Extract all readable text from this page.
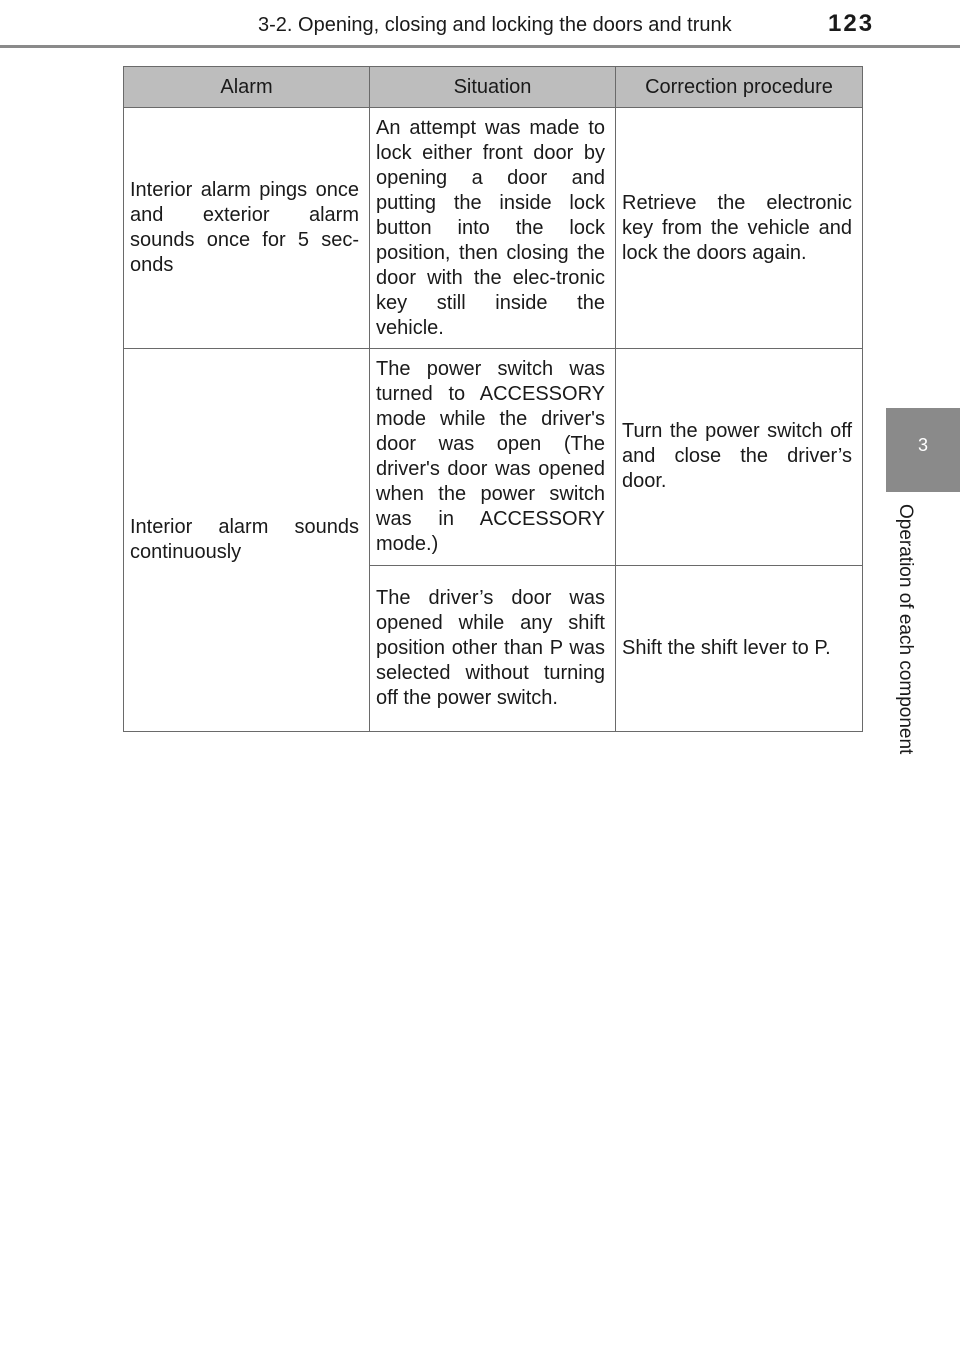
3-2. Opening, closing and locking the doors and trunk	123
3
Operation of each component
Alarm	Situation	Correction procedure
Interior alarm pings once and exterior alarm sounds once for 5 sec-onds	An attempt was made to lock either front door by opening a door and putting the inside lock button into the lock position, then closing the door with the elec-tronic key still inside the vehicle.	Retrieve the electronic key from the vehicle and lock the doors again.
Interior alarm sounds continuously	The power switch was turned to ACCESSORY mode while the driver's door was open (The driver's door was opened when the power switch was in ACCESSORY mode.)	Turn the power switch off and close the driver’s door.
	The driver’s door was opened while any shift position other than P was selected without turning off the power switch.	Shift the shift lever to P.
